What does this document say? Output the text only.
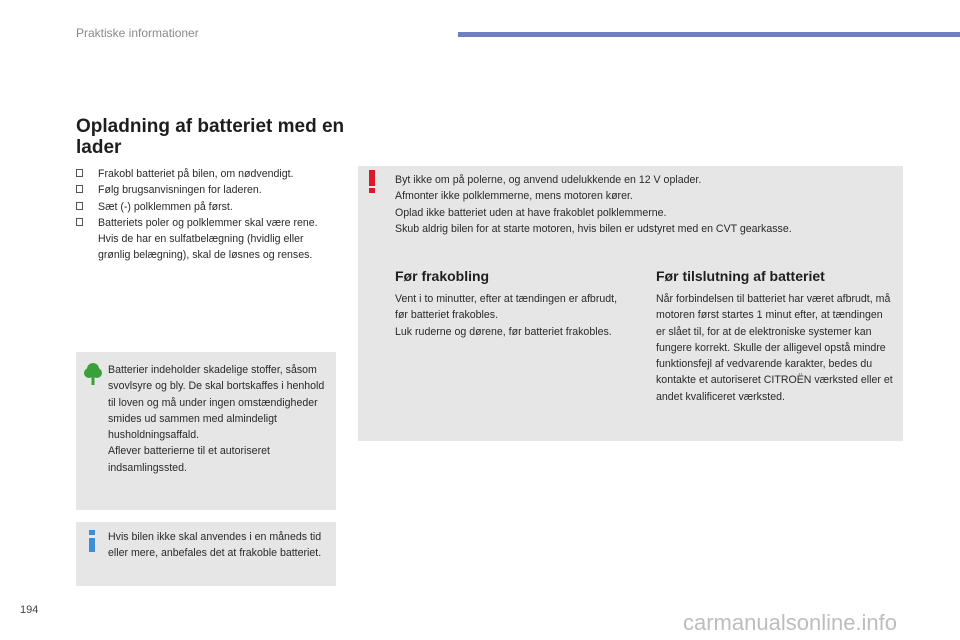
Praktiske informationer
Opladning af batteriet med en lader
Frakobl batteriet på bilen, om nødvendigt.
Følg brugsanvisningen for laderen.
Sæt (-) polklemmen på først.
Batteriets poler og polklemmer skal være rene. Hvis de har en sulfatbelægning (hvidlig eller grønlig belægning), skal de løsnes og renses.
Batterier indeholder skadelige stoffer, såsom svovlsyre og bly. De skal bortskaffes i henhold til loven og må under ingen omstændigheder smides ud sammen med almindeligt husholdningsaffald.
Aflever batterierne til et autoriseret indsamlingssted.
Hvis bilen ikke skal anvendes i en måneds tid eller mere, anbefales det at frakoble batteriet.
Byt ikke om på polerne, og anvend udelukkende en 12 V oplader.
Afmonter ikke polklemmerne, mens motoren kører.
Oplad ikke batteriet uden at have frakoblet polklemmerne.
Skub aldrig bilen for at starte motoren, hvis bilen er udstyret med en CVT gearkasse.
Før frakobling
Vent i to minutter, efter at tændingen er afbrudt, før batteriet frakobles.
Luk ruderne og dørene, før batteriet frakobles.
Før tilslutning af batteriet
Når forbindelsen til batteriet har været afbrudt, må motoren først startes 1 minut efter, at tændingen er slået til, for at de elektroniske systemer kan fungere korrekt. Skulle der alligevel opstå mindre funktionsfejl af vedvarende karakter, bedes du kontakte et autoriseret CITROËN værksted eller et andet kvalificeret værksted.
194	carmanualsonline.info
